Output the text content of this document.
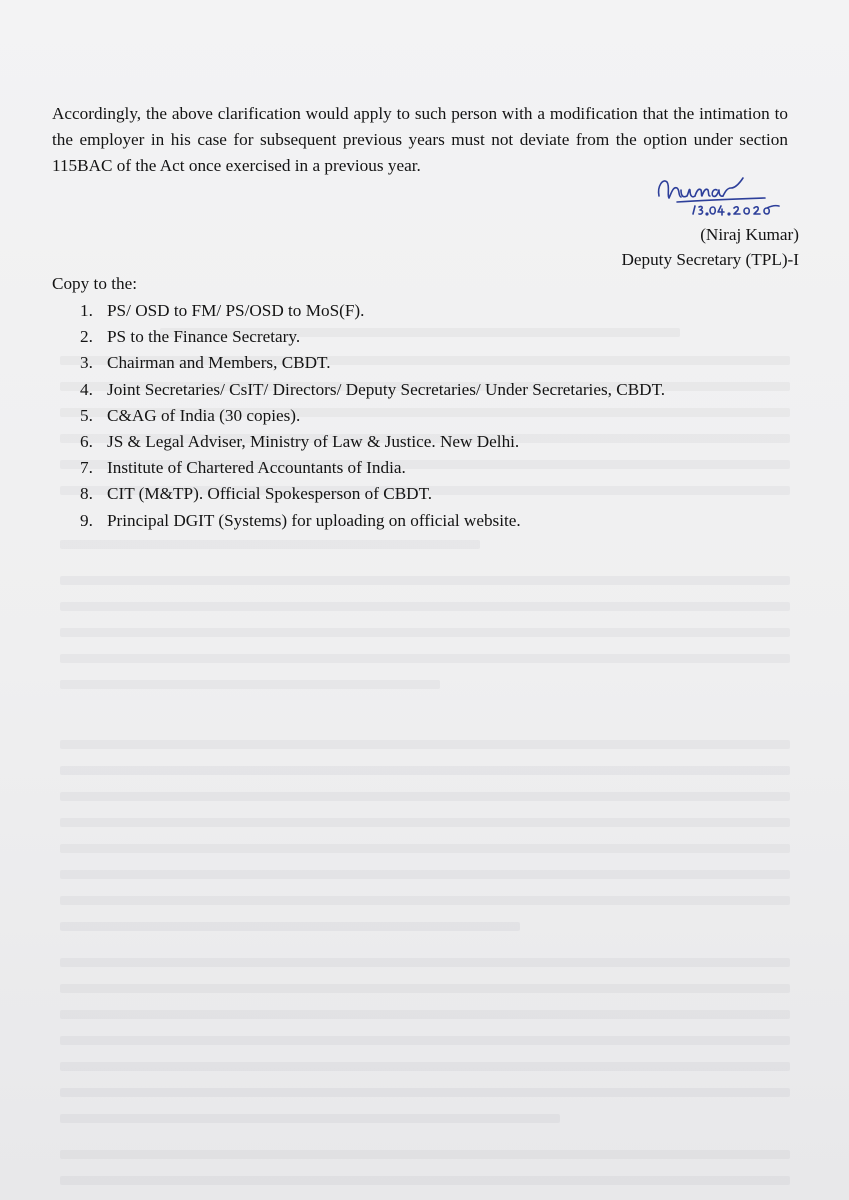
Accordingly, the above clarification would apply to such person with a modification that the intimation to the employer in his case for subsequent previous years must not deviate from the option under section 115BAC of the Act once exercised in a previous year.

(Niraj Kumar)

Deputy Secretary (TPL)-I

Copy to the:

1. PS/ OSD to FM/ PS/OSD to MoS(F).
2. PS to the Finance Secretary.
3. Chairman and Members, CBDT.
4. Joint Secretaries/ CsIT/ Directors/ Deputy Secretaries/ Under Secretaries, CBDT.
5. C&AG of India (30 copies).
6. JS & Legal Adviser, Ministry of Law & Justice. New Delhi.
7. Institute of Chartered Accountants of India.
8. CIT (M&TP). Official Spokesperson of CBDT.
9. Principal DGIT (Systems) for uploading on official website.
